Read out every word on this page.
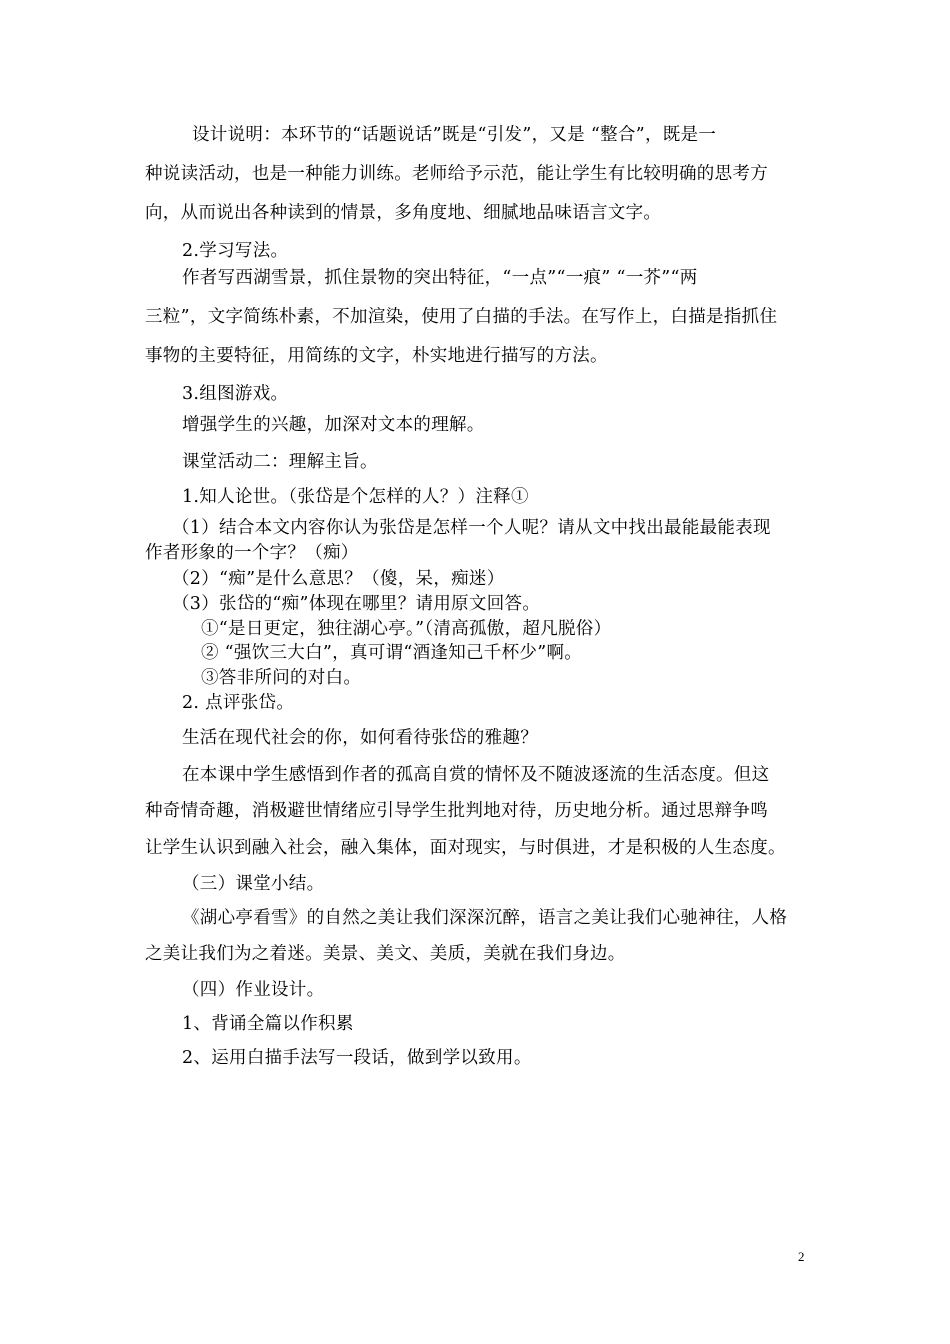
设计说明：本环节的“话题说话”既是“引发”，又是 “整合”，既是一
种说读活动，也是一种能力训练。老师给予示范，能让学生有比较明确的思考方
向，从而说出各种读到的情景，多角度地、细腻地品味语言文字。
2.学习写法。
作者写西湖雪景，抓住景物的突出特征，“一点”“一痕” “一芥”“两
三粒”，文字简练朴素，不加渲染，使用了白描的手法。在写作上，白描是指抓住
事物的主要特征，用简练的文字，朴实地进行描写的方法。
3.组图游戏。
增强学生的兴趣，加深对文本的理解。
课堂活动二：理解主旨。
1.知人论世。（张岱是个怎样的人？）注释①
（1）结合本文内容你认为张岱是怎样一个人呢？请从文中找出最能最能表现
作者形象的一个字？（痴）
（2）“痴”是什么意思？（傻，呆，痴迷）
（3）张岱的“痴”体现在哪里？请用原文回答。
①“是日更定，独往湖心亭。”（清高孤傲，超凡脱俗）
② “强饮三大白”，真可谓“酒逢知己千杯少”啊。
③答非所问的对白。
2. 点评张岱。
生活在现代社会的你，如何看待张岱的雅趣？
在本课中学生感悟到作者的孤高自赏的情怀及不随波逐流的生活态度。但这
种奇情奇趣，消极避世情绪应引导学生批判地对待，历史地分析。通过思辩争鸣
让学生认识到融入社会，融入集体，面对现实，与时俱进，才是积极的人生态度。
（三）课堂小结。
《湖心亭看雪》的自然之美让我们深深沉醉，语言之美让我们心驰神往，人格
之美让我们为之着迷。美景、美文、美质，美就在我们身边。
（四）作业设计。
1、背诵全篇以作积累
2、运用白描手法写一段话，做到学以致用。
2
